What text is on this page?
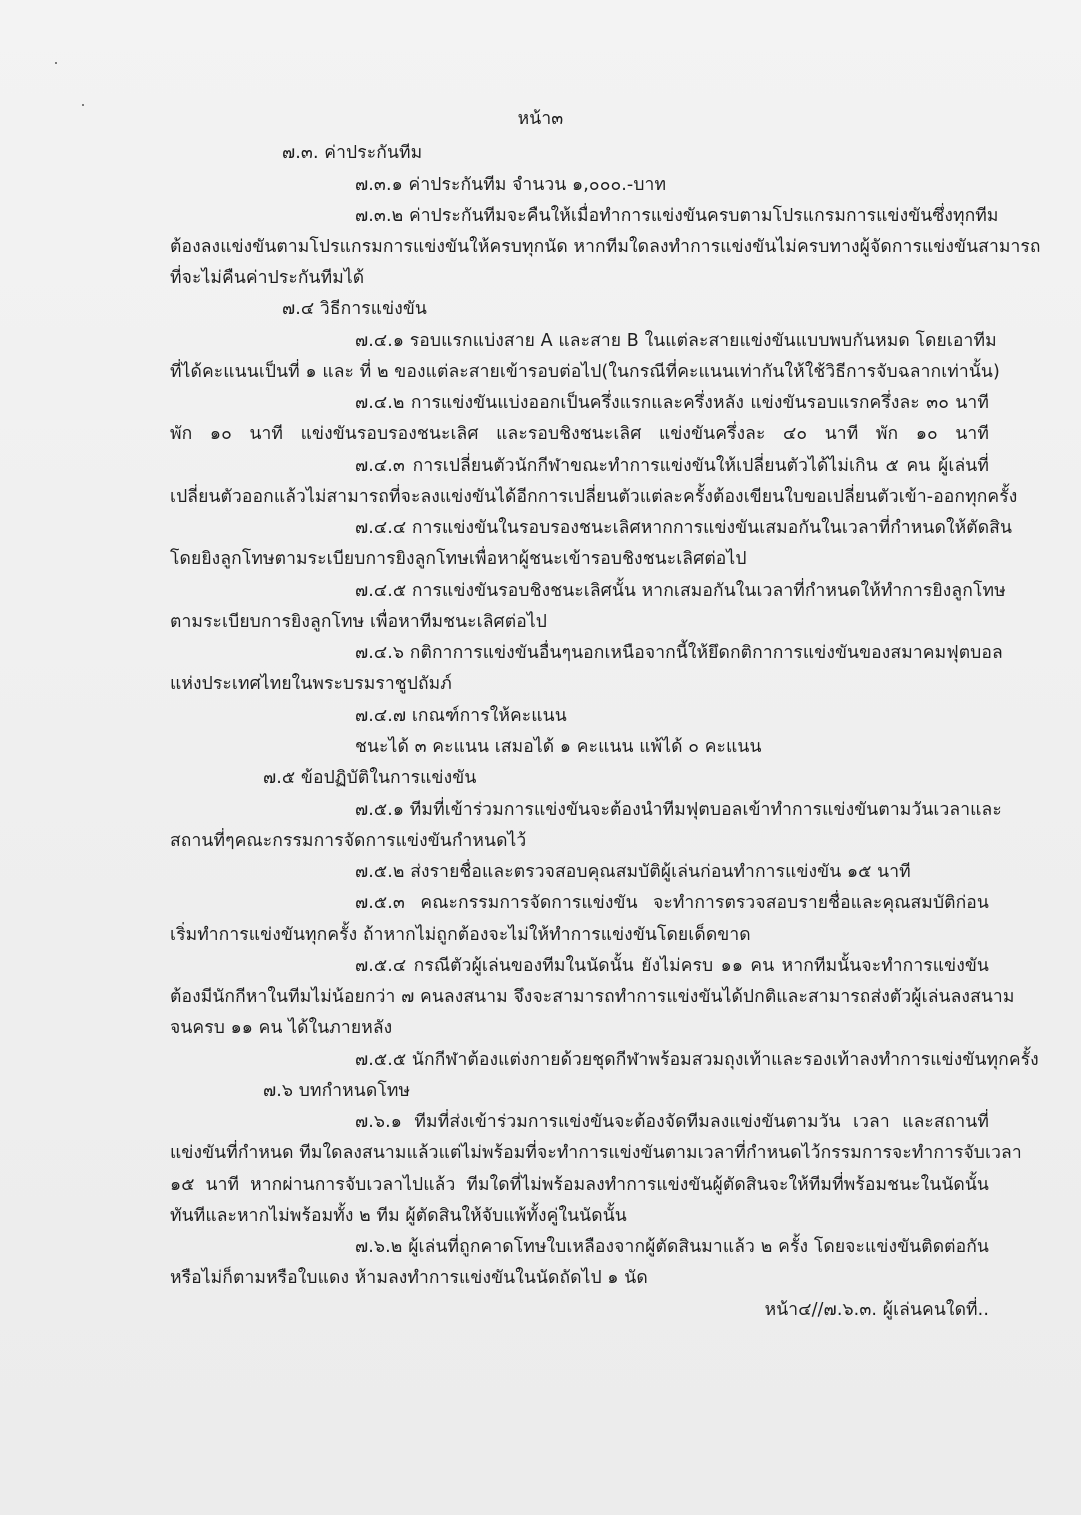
หน้า๓
๗.๓. ค่าประกันทีม
๗.๓.๑ ค่าประกันทีม จำนวน ๑,๐๐๐.-บาท
๗.๓.๒ ค่าประกันทีมจะคืนให้เมื่อทำการแข่งขันครบตามโปรแกรมการแข่งขันซึ่งทุกทีม
ต้องลงแข่งขันตามโปรแกรมการแข่งขันให้ครบทุกนัด หากทีมใดลงทำการแข่งขันไม่ครบทางผู้จัดการแข่งขันสามารถ
ที่จะไม่คืนค่าประกันทีมได้
๗.๔ วิธีการแข่งขัน
๗.๔.๑ รอบแรกแบ่งสาย A และสาย B ในแต่ละสายแข่งขันแบบพบกันหมด โดยเอาทีม
ที่ได้คะแนนเป็นที่ ๑ และ ที่ ๒ ของแต่ละสายเข้ารอบต่อไป(ในกรณีที่คะแนนเท่ากันให้ใช้วิธีการจับฉลากเท่านั้น)
๗.๔.๒ การแข่งขันแบ่งออกเป็นครึ่งแรกและครึ่งหลัง แข่งขันรอบแรกครึ่งละ ๓๐ นาที
พัก ๑๐ นาที แข่งขันรอบรองชนะเลิศ และรอบชิงชนะเลิศ แข่งขันครึ่งละ ๔๐ นาที พัก ๑๐ นาที
๗.๔.๓ การเปลี่ยนตัวนักกีฬาขณะทำการแข่งขันให้เปลี่ยนตัวได้ไม่เกิน ๕ คน ผู้เล่นที่
เปลี่ยนตัวออกแล้วไม่สามารถที่จะลงแข่งขันได้อีกการเปลี่ยนตัวแต่ละครั้งต้องเขียนใบขอเปลี่ยนตัวเข้า-ออกทุกครั้ง
๗.๔.๔ การแข่งขันในรอบรองชนะเลิศหากการแข่งขันเสมอกันในเวลาที่กำหนดให้ตัดสิน
โดยยิงลูกโทษตามระเบียบการยิงลูกโทษเพื่อหาผู้ชนะเข้ารอบชิงชนะเลิศต่อไป
๗.๔.๕ การแข่งขันรอบชิงชนะเลิศนั้น หากเสมอกันในเวลาที่กำหนดให้ทำการยิงลูกโทษ
ตามระเบียบการยิงลูกโทษ เพื่อหาทีมชนะเลิศต่อไป
๗.๔.๖ กติกาการแข่งขันอื่นๆนอกเหนือจากนี้ให้ยึดกติกาการแข่งขันของสมาคมฟุตบอล
แห่งประเทศไทยในพระบรมราชูปถัมภ์
๗.๔.๗ เกณฑ์การให้คะแนน
ชนะได้ ๓ คะแนน เสมอได้ ๑ คะแนน แพ้ได้ ๐ คะแนน
๗.๕ ข้อปฏิบัติในการแข่งขัน
๗.๕.๑ ทีมที่เข้าร่วมการแข่งขันจะต้องนำทีมฟุตบอลเข้าทำการแข่งขันตามวันเวลาและ
สถานที่ๆคณะกรรมการจัดการแข่งขันกำหนดไว้
๗.๕.๒ ส่งรายชื่อและตรวจสอบคุณสมบัติผู้เล่นก่อนทำการแข่งขัน ๑๕ นาที
๗.๕.๓ คณะกรรมการจัดการแข่งขัน จะทำการตรวจสอบรายชื่อและคุณสมบัติก่อน
เริ่มทำการแข่งขันทุกครั้ง ถ้าหากไม่ถูกต้องจะไม่ให้ทำการแข่งขันโดยเด็ดขาด
๗.๕.๔ กรณีตัวผู้เล่นของทีมในนัดนั้น ยังไม่ครบ ๑๑ คน หากทีมนั้นจะทำการแข่งขัน
ต้องมีนักกีหาในทีมไม่น้อยกว่า ๗ คนลงสนาม จึงจะสามารถทำการแข่งขันได้ปกติและสามารถส่งตัวผู้เล่นลงสนาม
จนครบ ๑๑ คน ได้ในภายหลัง
๗.๕.๕ นักกีฬาต้องแต่งกายด้วยชุดกีฬาพร้อมสวมถุงเท้าและรองเท้าลงทำการแข่งขันทุกครั้ง
๗.๖ บทกำหนดโทษ
๗.๖.๑ ทีมที่ส่งเข้าร่วมการแข่งขันจะต้องจัดทีมลงแข่งขันตามวัน เวลา และสถานที่
แข่งขันที่กำหนด ทีมใดลงสนามแล้วแต่ไม่พร้อมที่จะทำการแข่งขันตามเวลาที่กำหนดไว้กรรมการจะทำการจับเวลา
๑๕ นาที หากผ่านการจับเวลาไปแล้ว ทีมใดที่ไม่พร้อมลงทำการแข่งขันผู้ตัดสินจะให้ทีมที่พร้อมชนะในนัดนั้น
ทันทีและหากไม่พร้อมทั้ง ๒ ทีม ผู้ตัดสินให้จับแพ้ทั้งคู่ในนัดนั้น
๗.๖.๒ ผู้เล่นที่ถูกคาดโทษใบเหลืองจากผู้ตัดสินมาแล้ว ๒ ครั้ง โดยจะแข่งขันติดต่อกัน
หรือไม่ก็ตามหรือใบแดง ห้ามลงทำการแข่งขันในนัดถัดไป ๑ นัด
หน้า๔//๗.๖.๓. ผู้เล่นคนใดที่..
